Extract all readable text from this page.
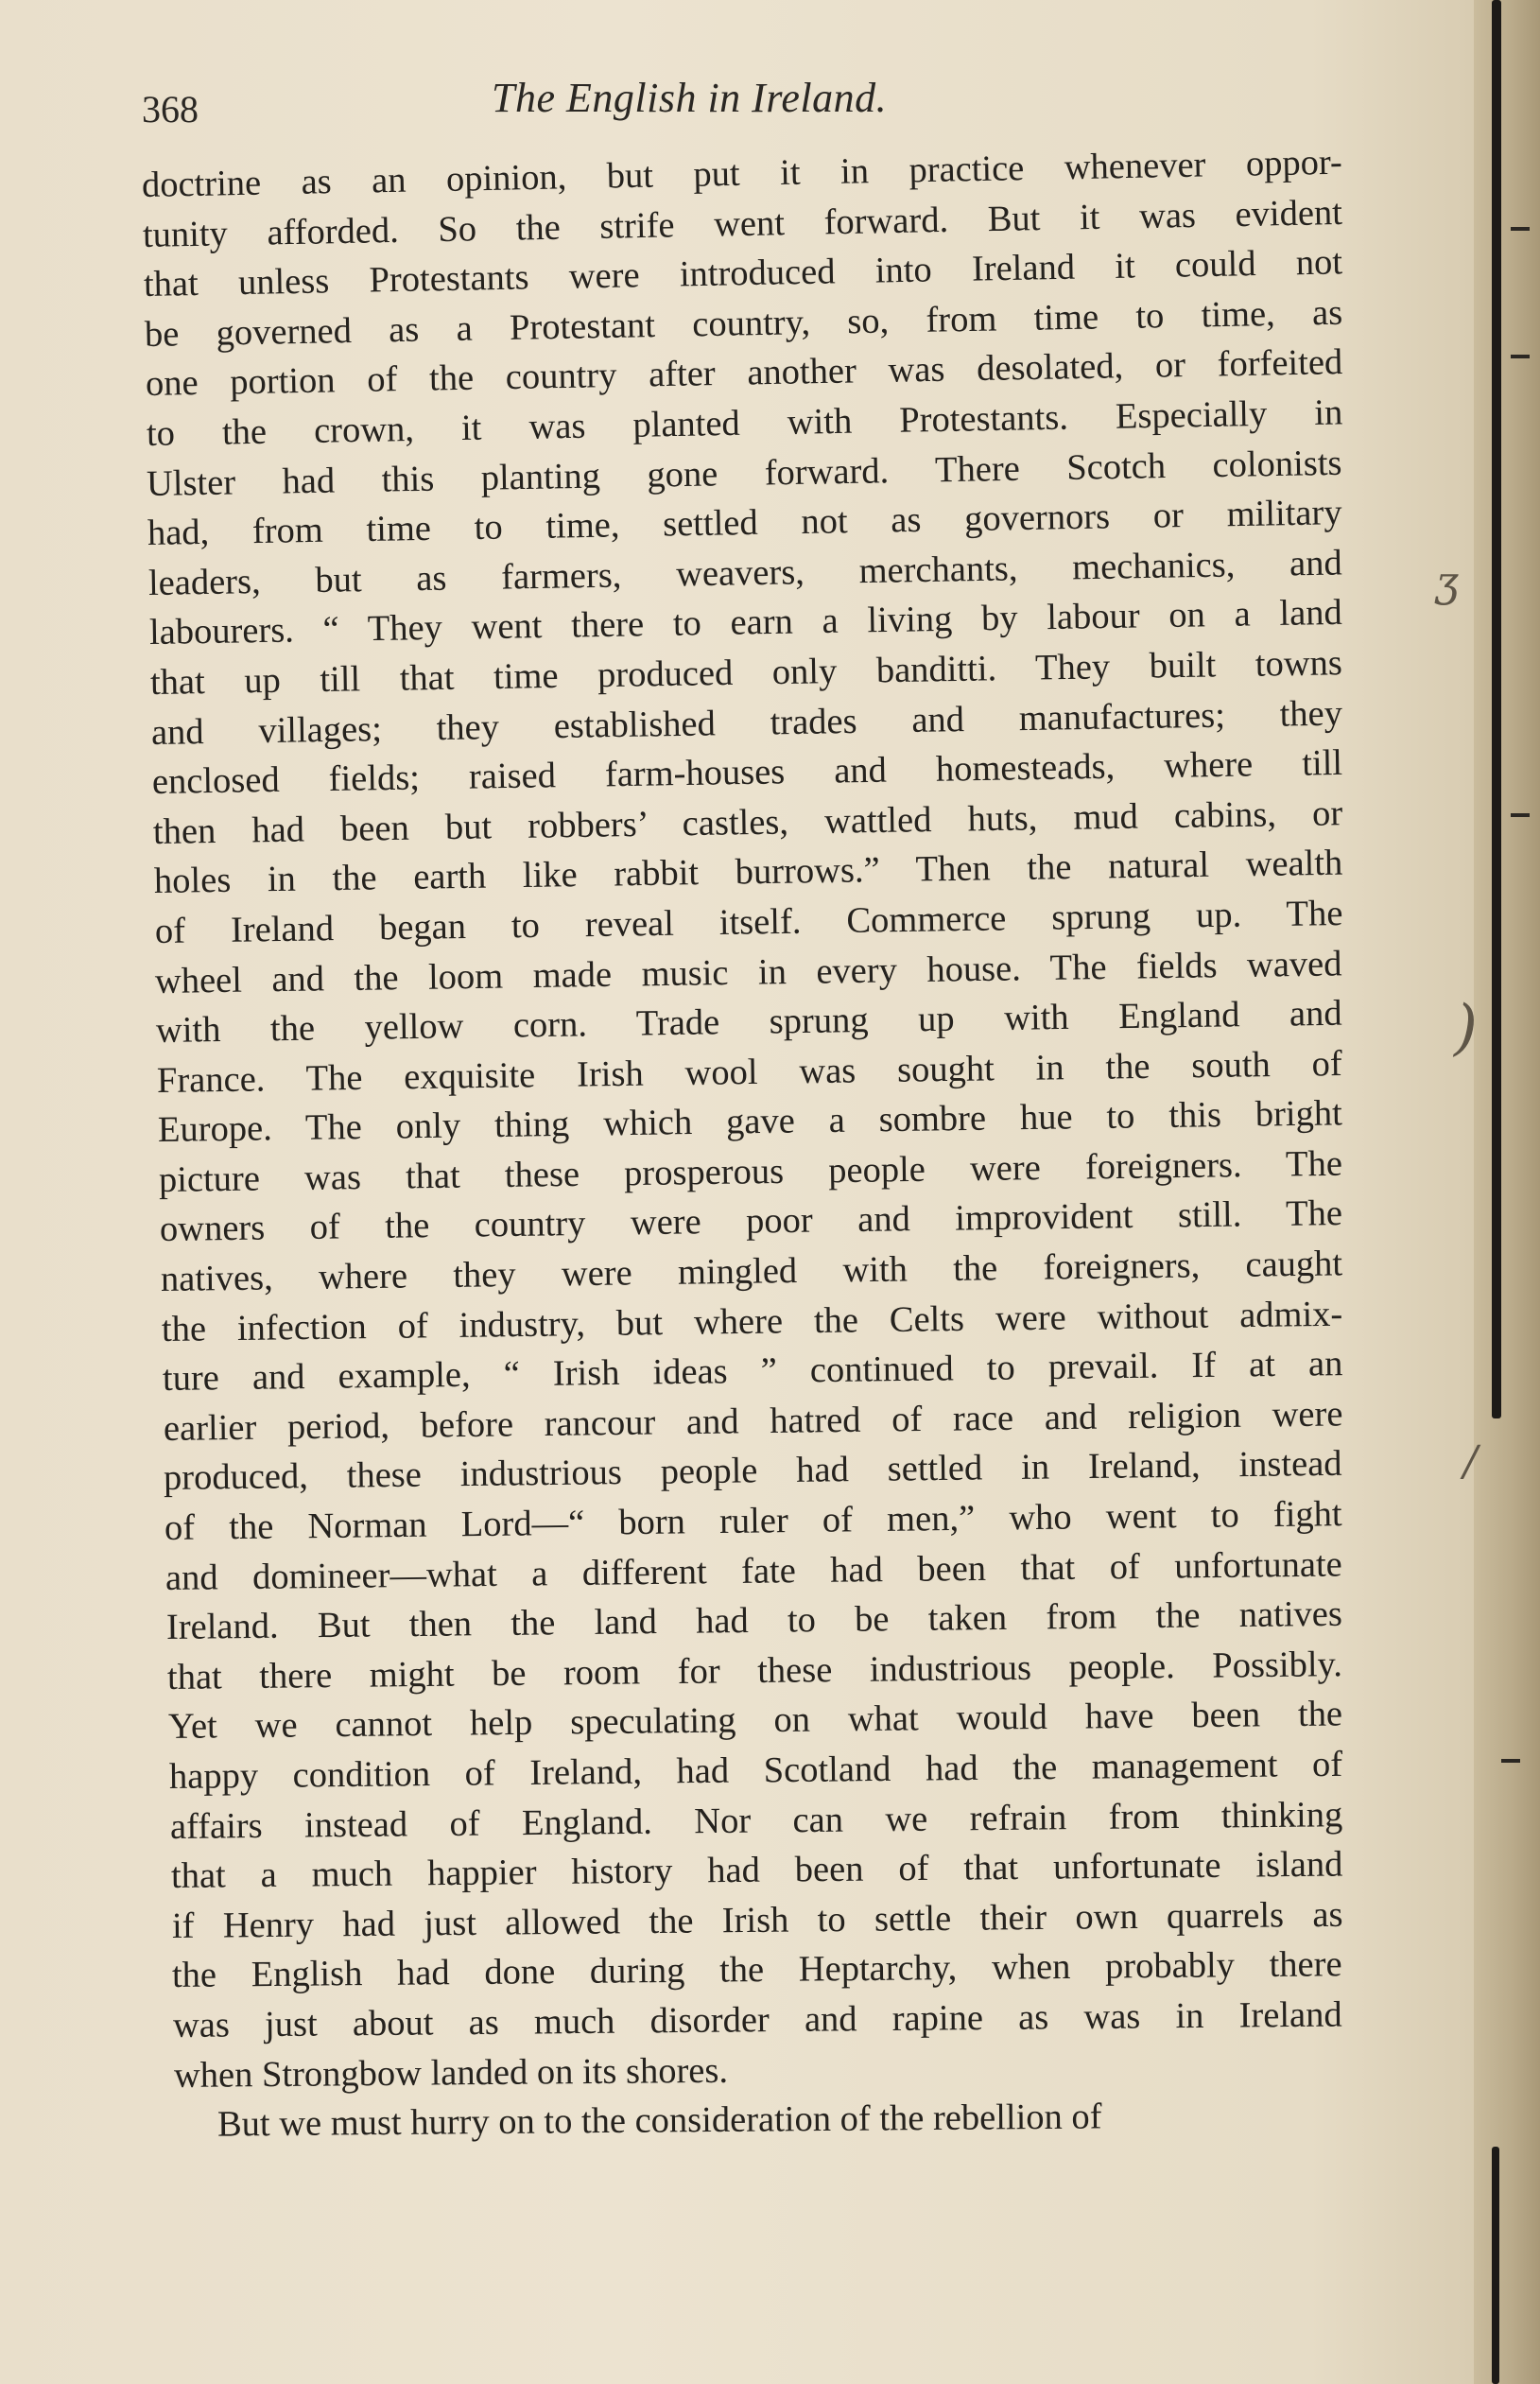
ʒ
)
/
368	The English in Ireland.
doctrine as an opinion, but put it in practice whenever oppor-
tunity afforded. So the strife went forward. But it was evident
that unless Protestants were introduced into Ireland it could not
be governed as a Protestant country, so, from time to time, as
one portion of the country after another was desolated, or forfeited
to the crown, it was planted with Protestants. Especially in
Ulster had this planting gone forward. There Scotch colonists
had, from time to time, settled not as governors or military
leaders, but as farmers, weavers, merchants, mechanics, and
labourers. “ They went there to earn a living by labour on a land
that up till that time produced only banditti. They built towns
and villages; they established trades and manufactures; they
enclosed fields; raised farm-houses and homesteads, where till
then had been but robbers’ castles, wattled huts, mud cabins, or
holes in the earth like rabbit burrows.” Then the natural wealth
of Ireland began to reveal itself. Commerce sprung up. The
wheel and the loom made music in every house. The fields waved
with the yellow corn. Trade sprung up with England and
France. The exquisite Irish wool was sought in the south of
Europe. The only thing which gave a sombre hue to this bright
picture was that these prosperous people were foreigners. The
owners of the country were poor and improvident still. The
natives, where they were mingled with the foreigners, caught
the infection of industry, but where the Celts were without admix-
ture and example, “ Irish ideas ” continued to prevail. If at an
earlier period, before rancour and hatred of race and religion were
produced, these industrious people had settled in Ireland, instead
of the Norman Lord—“ born ruler of men,” who went to fight
and domineer—what a different fate had been that of unfortunate
Ireland. But then the land had to be taken from the natives
that there might be room for these industrious people. Possibly.
Yet we cannot help speculating on what would have been the
happy condition of Ireland, had Scotland had the management of
affairs instead of England. Nor can we refrain from thinking
that a much happier history had been of that unfortunate island
if Henry had just allowed the Irish to settle their own quarrels as
the English had done during the Heptarchy, when probably there
was just about as much disorder and rapine as was in Ireland
when Strongbow landed on its shores.
But we must hurry on to the consideration of the rebellion of
